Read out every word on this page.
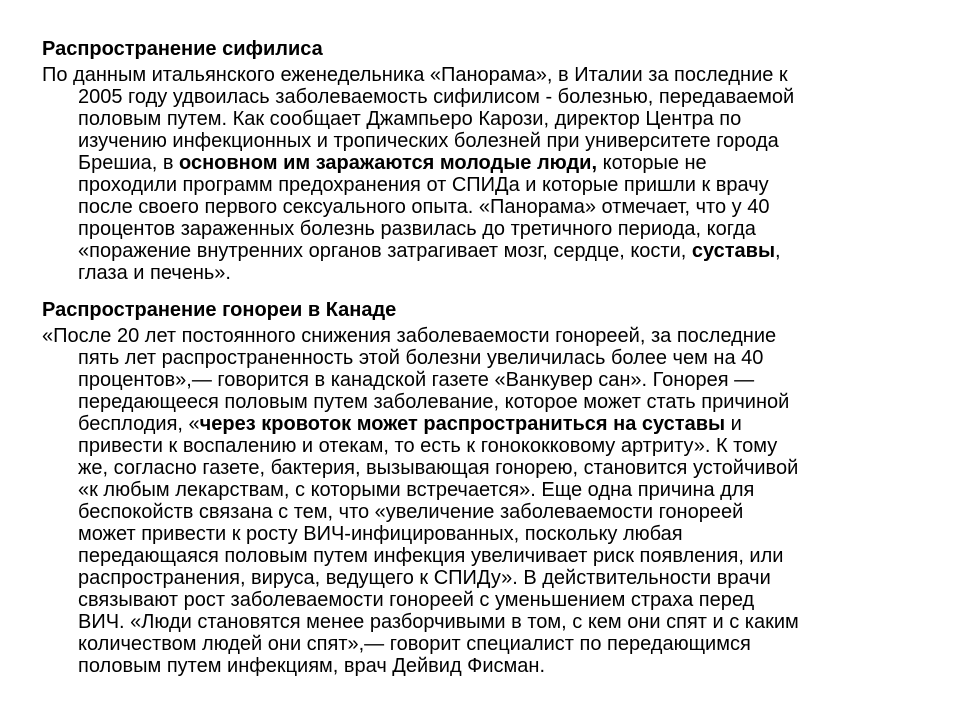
Распространение сифилиса
По данным итальянского еженедельника «Панорама», в Италии за последние к
2005 году удвоилась заболеваемость сифилисом - болезнью, передаваемой
половым путем. Как сообщает Джампьеро Карози, директор Центра по
изучению инфекционных и тропических болезней при университете города
Брешиа, в основном им заражаются молодые люди, которые не
проходили программ предохранения от СПИДа и которые пришли к врачу
после своего первого сексуального опыта. «Панорама» отмечает, что у 40
процентов зараженных болезнь развилась до третичного периода, когда
«поражение внутренних органов затрагивает мозг, сердце, кости, суставы,
глаза и печень».
Распространение гонореи в Канаде
«После 20 лет постоянного снижения заболеваемости гонореей, за последние
пять лет распространенность этой болезни увеличилась более чем на 40
процентов»,— говорится в канадской газете «Ванкувер сан». Гонорея —
передающееся половым путем заболевание, которое может стать причиной
бесплодия, «через кровоток может распространиться на суставы и
привести к воспалению и отекам, то есть к гонококковому артриту». К тому
же, согласно газете, бактерия, вызывающая гонорею, становится устойчивой
«к любым лекарствам, с которыми встречается». Еще одна причина для
беспокойств связана с тем, что «увеличение заболеваемости гонореей
может привести к росту ВИЧ-инфицированных, поскольку любая
передающаяся половым путем инфекция увеличивает риск появления, или
распространения, вируса, ведущего к СПИДу». В действительности врачи
связывают рост заболеваемости гонореей с уменьшением страха перед
ВИЧ. «Люди становятся менее разборчивыми в том, с кем они спят и с каким
количеством людей они спят»,— говорит специалист по передающимся
половым путем инфекциям, врач Дейвид Фисман.
